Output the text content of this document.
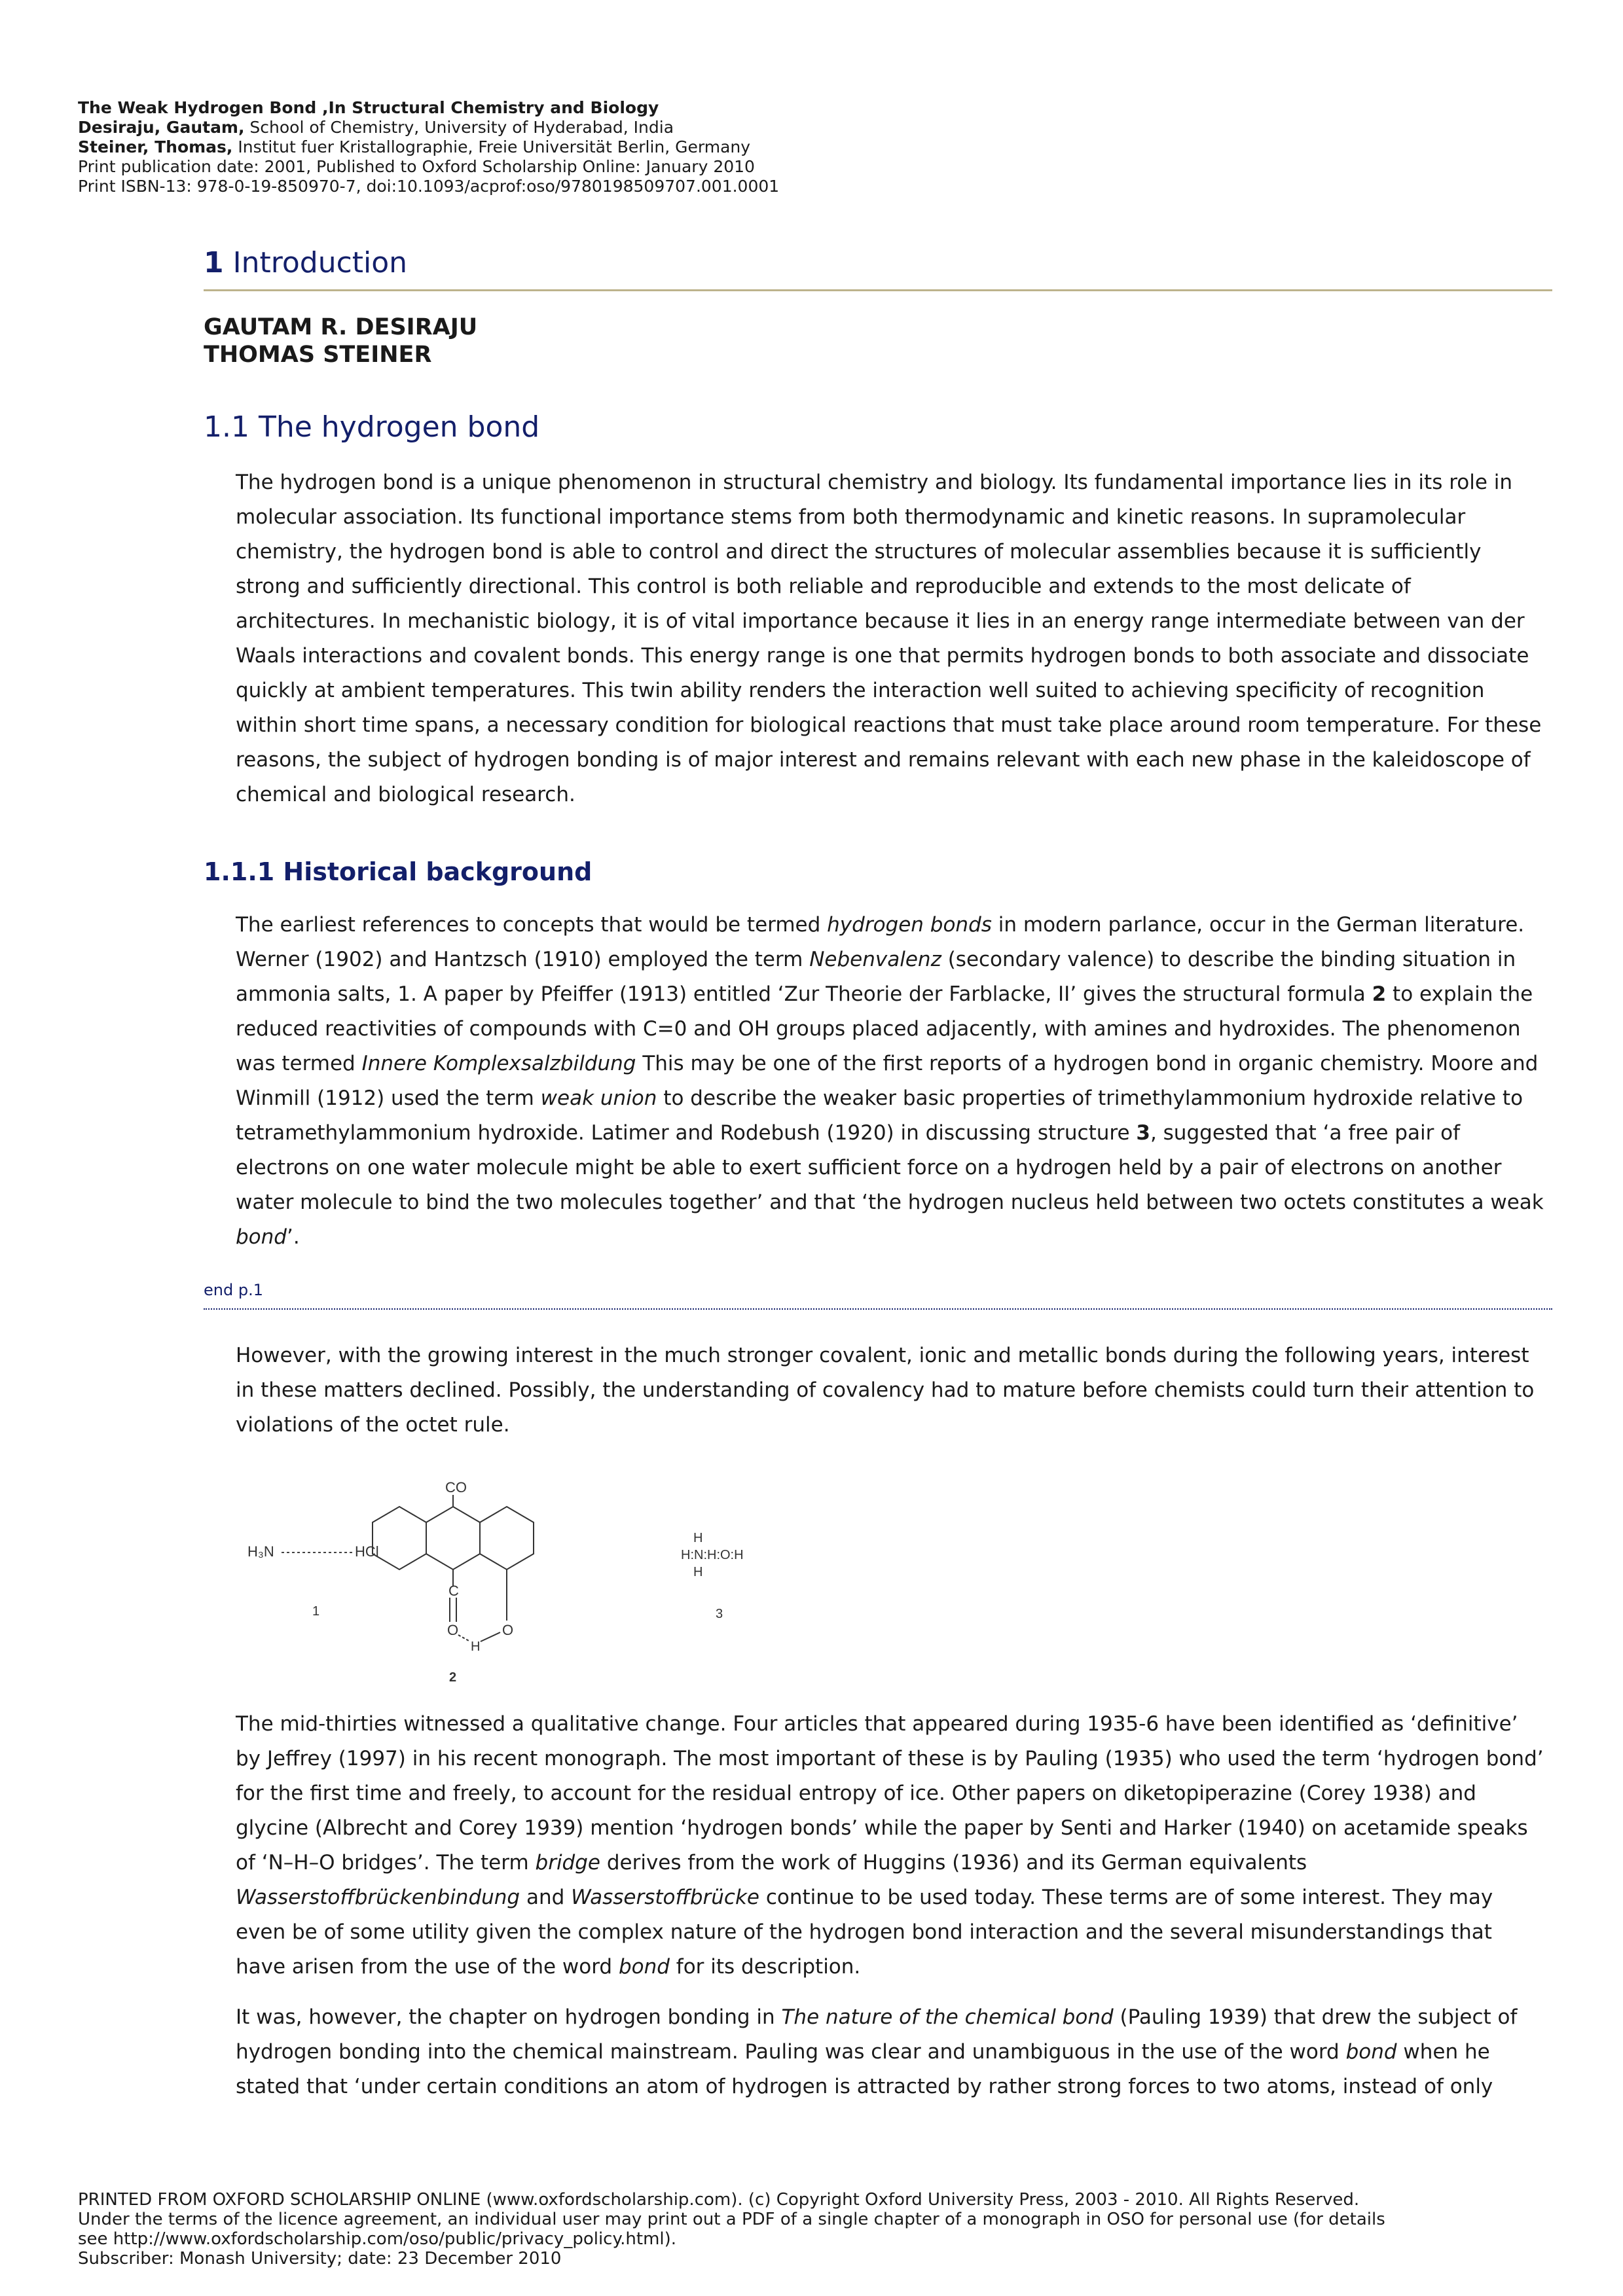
The Weak Hydrogen Bond ,In Structural Chemistry and Biology
Desiraju, Gautam, School of Chemistry, University of Hyderabad, India
Steiner, Thomas, Institut fuer Kristallographie, Freie Universität Berlin, Germany
Print publication date: 2001, Published to Oxford Scholarship Online: January 2010
Print ISBN-13: 978-0-19-850970-7, doi:10.1093/acprof:oso/9780198509707.001.0001
1 Introduction
GAUTAM R. DESIRAJU
THOMAS STEINER
1.1 The hydrogen bond
The hydrogen bond is a unique phenomenon in structural chemistry and biology. Its fundamental importance lies in its role in molecular association. Its functional importance stems from both thermodynamic and kinetic reasons. In supramolecular chemistry, the hydrogen bond is able to control and direct the structures of molecular assemblies because it is sufficiently strong and sufficiently directional. This control is both reliable and reproducible and extends to the most delicate of architectures. In mechanistic biology, it is of vital importance because it lies in an energy range intermediate between van der Waals interactions and covalent bonds. This energy range is one that permits hydrogen bonds to both associate and dissociate quickly at ambient temperatures. This twin ability renders the interaction well suited to achieving specificity of recognition within short time spans, a necessary condition for biological reactions that must take place around room temperature. For these reasons, the subject of hydrogen bonding is of major interest and remains relevant with each new phase in the kaleidoscope of chemical and biological research.
1.1.1 Historical background
The earliest references to concepts that would be termed hydrogen bonds in modern parlance, occur in the German literature. Werner (1902) and Hantzsch (1910) employed the term Nebenvalenz (secondary valence) to describe the binding situation in ammonia salts, 1. A paper by Pfeiffer (1913) entitled ‘Zur Theorie der Farblacke, II’ gives the structural formula 2 to explain the reduced reactivities of compounds with C=0 and OH groups placed adjacently, with amines and hydroxides. The phenomenon was termed Innere Komplexsalzbildung This may be one of the first reports of a hydrogen bond in organic chemistry. Moore and Winmill (1912) used the term weak union to describe the weaker basic properties of trimethylammonium hydroxide relative to tetramethylammonium hydroxide. Latimer and Rodebush (1920) in discussing structure 3, suggested that ‘a free pair of electrons on one water molecule might be able to exert sufficient force on a hydrogen held by a pair of electrons on another water molecule to bind the two molecules together’ and that ‘the hydrogen nucleus held between two octets constitutes a weak bond’.
end p.1
However, with the growing interest in the much stronger covalent, ionic and metallic bonds during the following years, interest in these matters declined. Possibly, the understanding of covalency had to mature before chemists could turn their attention to violations of the octet rule.
H₃N	HCl
1
CO
C
O	O
H
2
H
H:N:H:O:H
H
3
The mid-thirties witnessed a qualitative change. Four articles that appeared during 1935-6 have been identified as ‘definitive’ by Jeffrey (1997) in his recent monograph. The most important of these is by Pauling (1935) who used the term ‘hydrogen bond’ for the first time and freely, to account for the residual entropy of ice. Other papers on diketopiperazine (Corey 1938) and glycine (Albrecht and Corey 1939) mention ‘hydrogen bonds’ while the paper by Senti and Harker (1940) on acetamide speaks of ‘N–H–O bridges’. The term bridge derives from the work of Huggins (1936) and its German equivalents Wasserstoffbrückenbindung and Wasserstoffbrücke continue to be used today. These terms are of some interest. They may even be of some utility given the complex nature of the hydrogen bond interaction and the several misunderstandings that have arisen from the use of the word bond for its description.
It was, however, the chapter on hydrogen bonding in The nature of the chemical bond (Pauling 1939) that drew the subject of hydrogen bonding into the chemical mainstream. Pauling was clear and unambiguous in the use of the word bond when he stated that ‘under certain conditions an atom of hydrogen is attracted by rather strong forces to two atoms, instead of only
PRINTED FROM OXFORD SCHOLARSHIP ONLINE (www.oxfordscholarship.com). (c) Copyright Oxford University Press, 2003 - 2010. All Rights Reserved.
Under the terms of the licence agreement, an individual user may print out a PDF of a single chapter of a monograph in OSO for personal use (for details
see http://www.oxfordscholarship.com/oso/public/privacy_policy.html).
Subscriber: Monash University; date: 23 December 2010
